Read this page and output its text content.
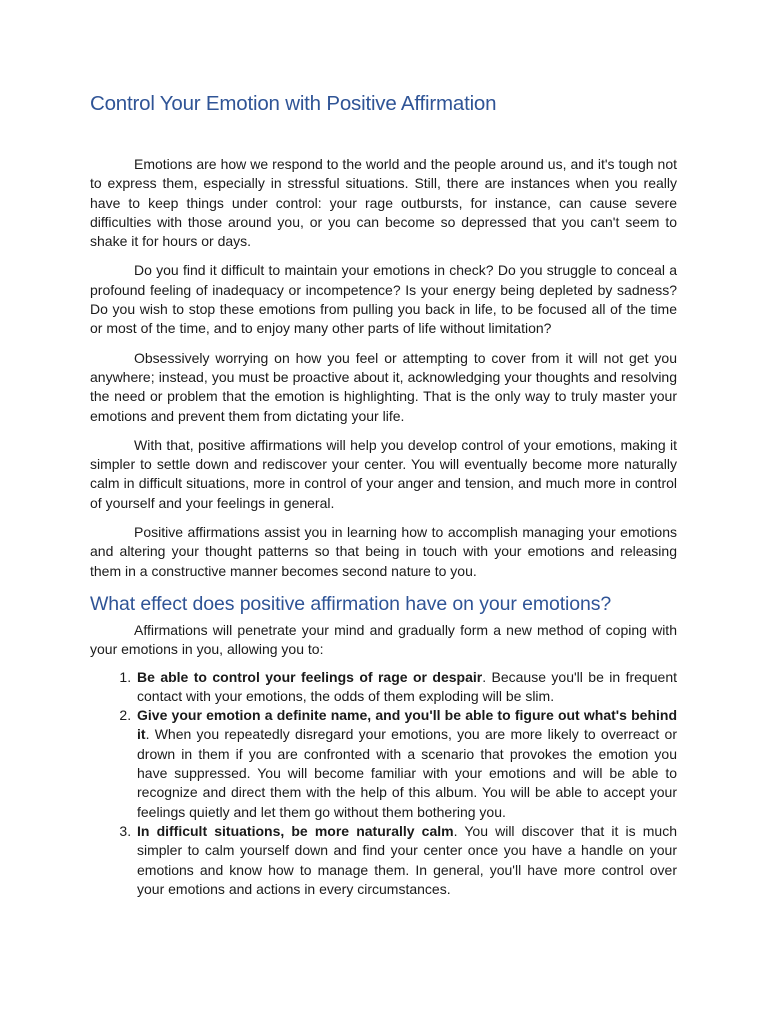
Control Your Emotion with Positive Affirmation

Emotions are how we respond to the world and the people around us, and it's tough not to express them, especially in stressful situations. Still, there are instances when you really have to keep things under control: your rage outbursts, for instance, can cause severe difficulties with those around you, or you can become so depressed that you can't seem to shake it for hours or days.

Do you find it difficult to maintain your emotions in check? Do you struggle to conceal a profound feeling of inadequacy or incompetence? Is your energy being depleted by sadness? Do you wish to stop these emotions from pulling you back in life, to be focused all of the time or most of the time, and to enjoy many other parts of life without limitation?

Obsessively worrying on how you feel or attempting to cover from it will not get you anywhere; instead, you must be proactive about it, acknowledging your thoughts and resolving the need or problem that the emotion is highlighting. That is the only way to truly master your emotions and prevent them from dictating your life.

With that, positive affirmations will help you develop control of your emotions, making it simpler to settle down and rediscover your center. You will eventually become more naturally calm in difficult situations, more in control of your anger and tension, and much more in control of yourself and your feelings in general.

Positive affirmations assist you in learning how to accomplish managing your emotions and altering your thought patterns so that being in touch with your emotions and releasing them in a constructive manner becomes second nature to you.

What effect does positive affirmation have on your emotions?

Affirmations will penetrate your mind and gradually form a new method of coping with your emotions in you, allowing you to:

1. Be able to control your feelings of rage or despair. Because you'll be in frequent contact with your emotions, the odds of them exploding will be slim.
2. Give your emotion a definite name, and you'll be able to figure out what's behind it. When you repeatedly disregard your emotions, you are more likely to overreact or drown in them if you are confronted with a scenario that provokes the emotion you have suppressed. You will become familiar with your emotions and will be able to recognize and direct them with the help of this album. You will be able to accept your feelings quietly and let them go without them bothering you.
3. In difficult situations, be more naturally calm. You will discover that it is much simpler to calm yourself down and find your center once you have a handle on your emotions and know how to manage them. In general, you'll have more control over your emotions and actions in every circumstances.
